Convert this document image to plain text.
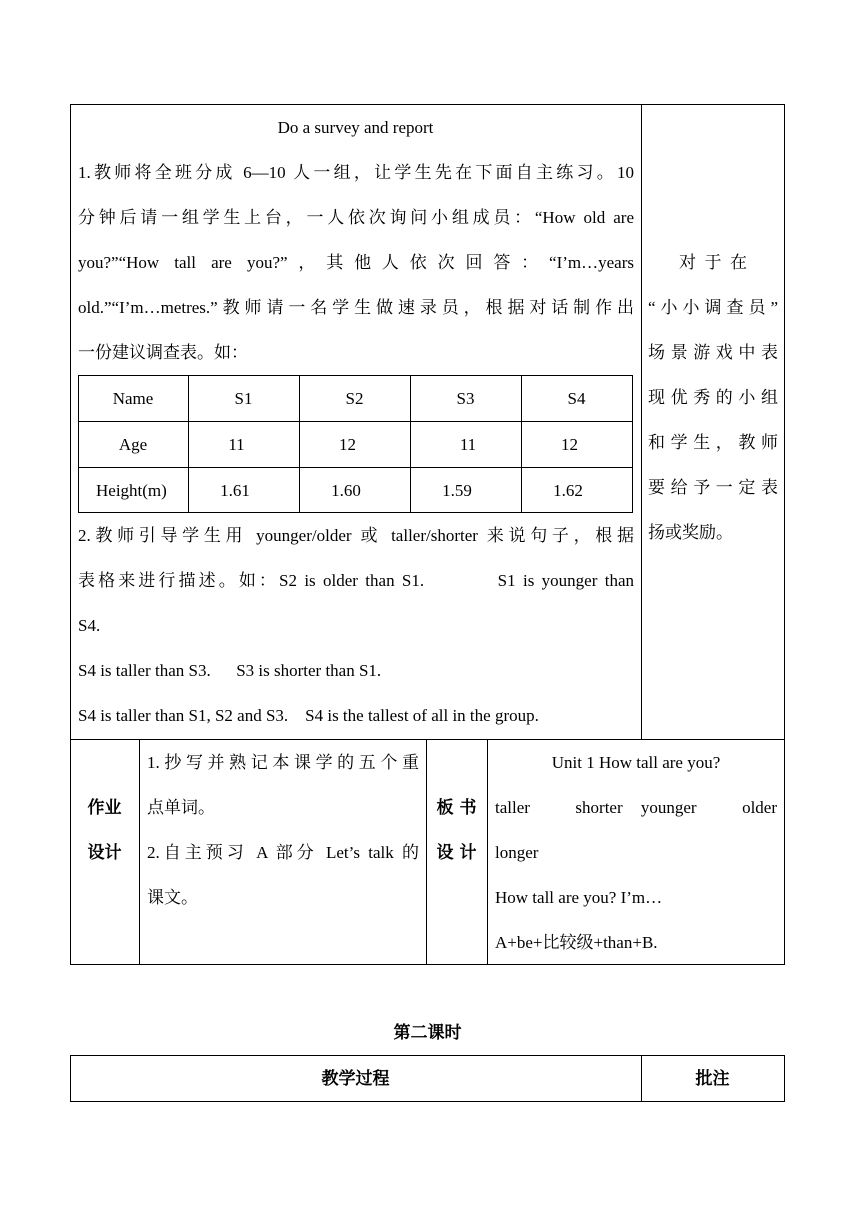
Do a survey and report
1.教师将全班分成 6—10 人一组，让学生先在下面自主练习。10
分钟后请一组学生上台，一人依次询问小组成员：“How old are
you?”“How tall are you?”，其他人依次回答：“I’m…years
old.”“I’m…metres.”教师请一名学生做速录员，根据对话制作出
一份建议调查表。如：
Name	S1	S2	S3	S4
Age	11	12	11	12
Height(m)	1.61	1.60	1.59	1.62
2.教师引导学生用 younger/older 或 taller/shorter 来说句子，根据
表格来进行描述。如：S2 is older than S1.          S1 is younger than
S4.
S4 is taller than S3.      S3 is shorter than S1.
S4 is taller than S1, S2 and S3.    S4 is the tallest of all in the group.
对  于  在
“小小调查员”
场景游戏中表
现优秀的小组
和学生，教师
要给予一定表
扬或奖励。
作业
设计
1.抄写并熟记本课学的五个重
点单词。
2.自主预习 A 部分 Let’s talk 的
课文。
板 书
设 计
Unit 1 How tall are you?
taller     shorter  younger     older
longer
How tall are you? I’m…
A+be+比较级+than+B.
第二课时
教学过程	批注
